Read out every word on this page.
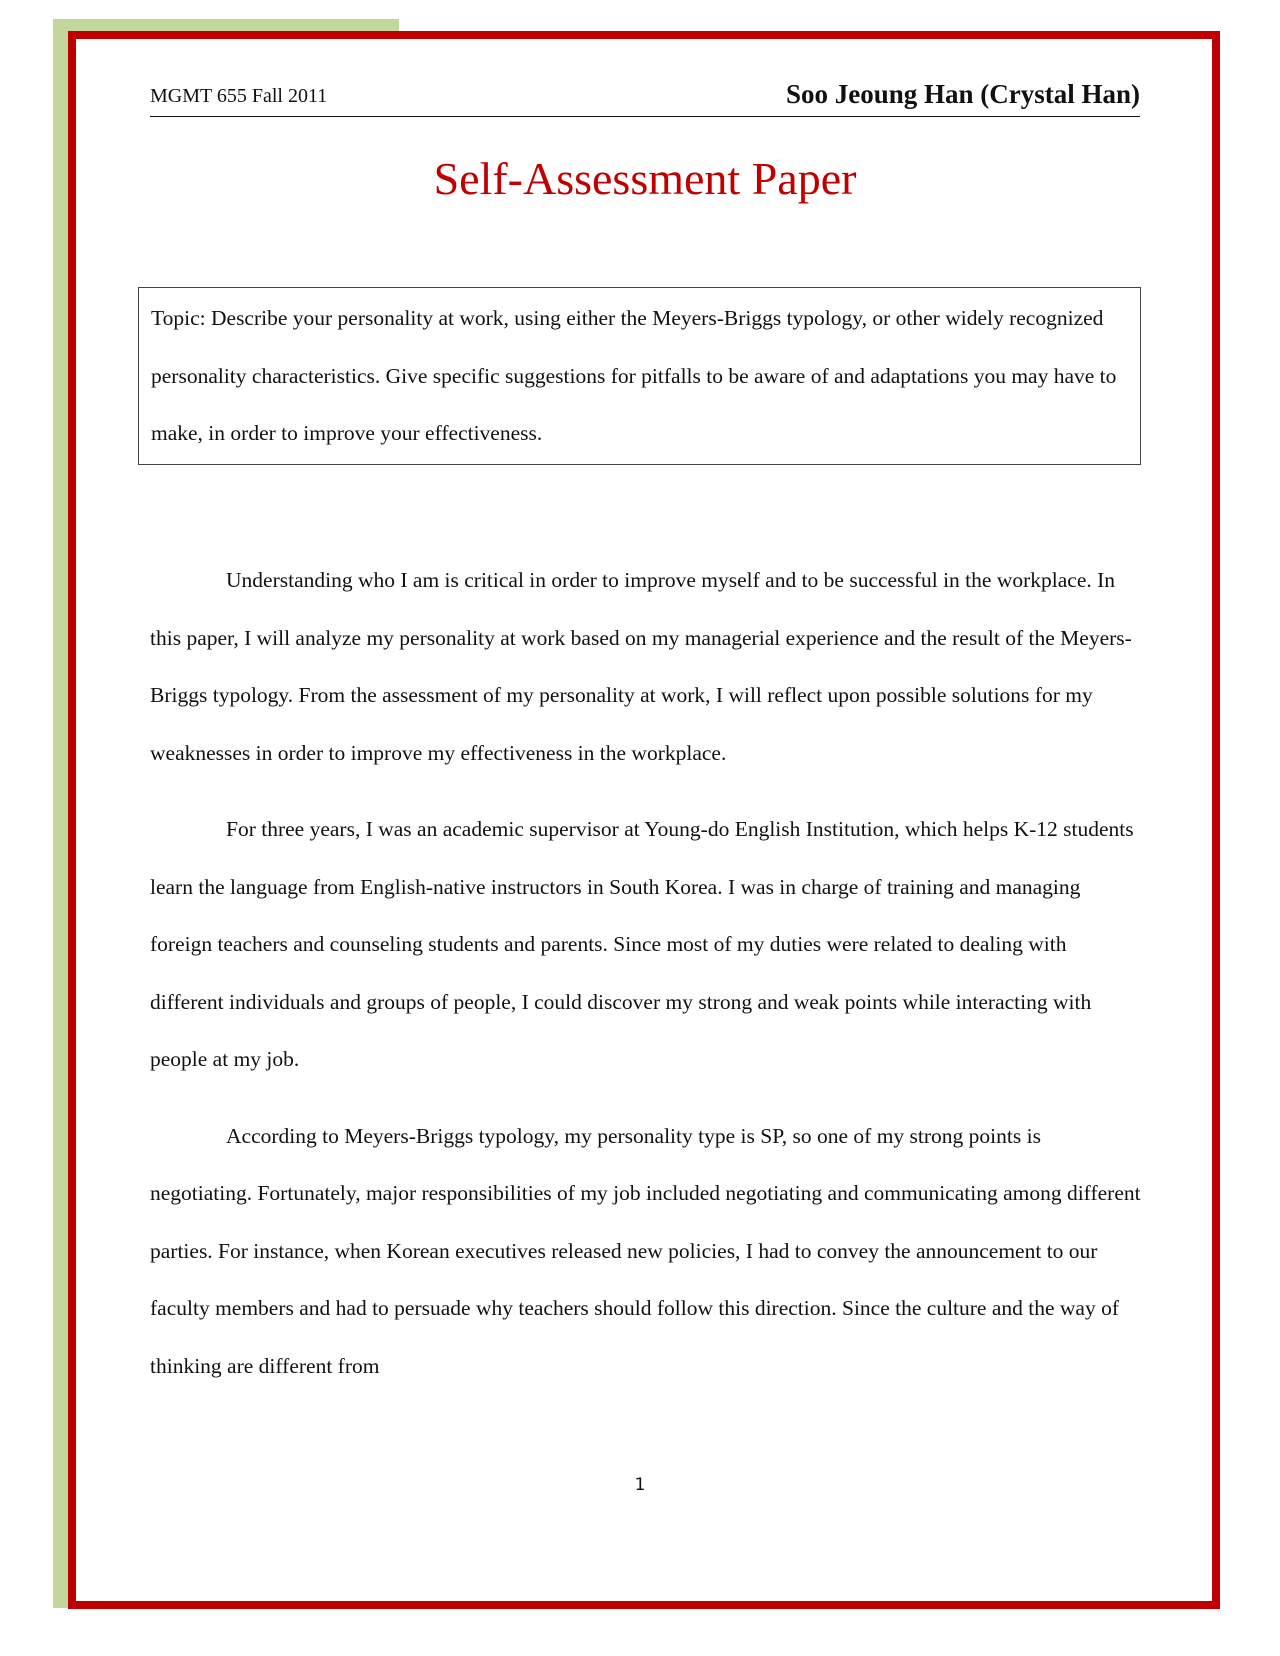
MGMT 655 Fall 2011	Soo Jeoung Han (Crystal Han)
Self-Assessment Paper

Topic: Describe your personality at work, using either the Meyers-Briggs typology, or other widely recognized personality characteristics. Give specific suggestions for pitfalls to be aware of and adaptations you may have to make, in order to improve your effectiveness.

Understanding who I am is critical in order to improve myself and to be successful in the workplace. In this paper, I will analyze my personality at work based on my managerial experience and the result of the Meyers-Briggs typology. From the assessment of my personality at work, I will reflect upon possible solutions for my weaknesses in order to improve my effectiveness in the workplace.

For three years, I was an academic supervisor at Young-do English Institution, which helps K-12 students learn the language from English-native instructors in South Korea. I was in charge of training and managing foreign teachers and counseling students and parents. Since most of my duties were related to dealing with different individuals and groups of people, I could discover my strong and weak points while interacting with people at my job.

According to Meyers-Briggs typology, my personality type is SP, so one of my strong points is negotiating. Fortunately, major responsibilities of my job included negotiating and communicating among different parties. For instance, when Korean executives released new policies, I had to convey the announcement to our faculty members and had to persuade why teachers should follow this direction. Since the culture and the way of thinking are different from

1
